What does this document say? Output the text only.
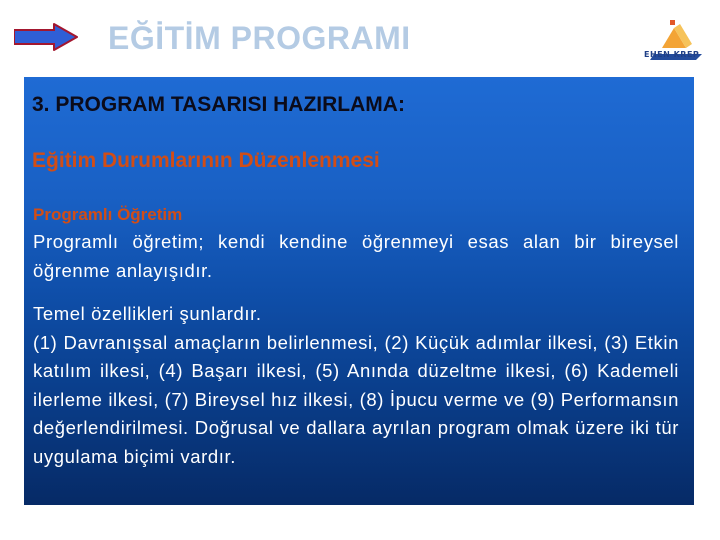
EĞİTİM PROGRAMI	EHEN KREP
3. PROGRAM TASARISI HAZIRLAMA:
Eğitim Durumlarının Düzenlenmesi
Programlı Öğretim

Programlı öğretim; kendi kendine öğrenmeyi esas alan bir bireysel öğrenme anlayışıdır.

Temel özellikleri şunlardır.
(1) Davranışsal amaçların belirlenmesi, (2) Küçük adımlar ilkesi, (3) Etkin katılım ilkesi, (4) Başarı ilkesi, (5) Anında düzeltme ilkesi, (6) Kademeli ilerleme ilkesi, (7) Bireysel hız ilkesi, (8) İpucu verme ve (9) Performansın değerlendirilmesi. Doğrusal ve dallara ayrılan program olmak üzere iki tür uygulama biçimi vardır.
